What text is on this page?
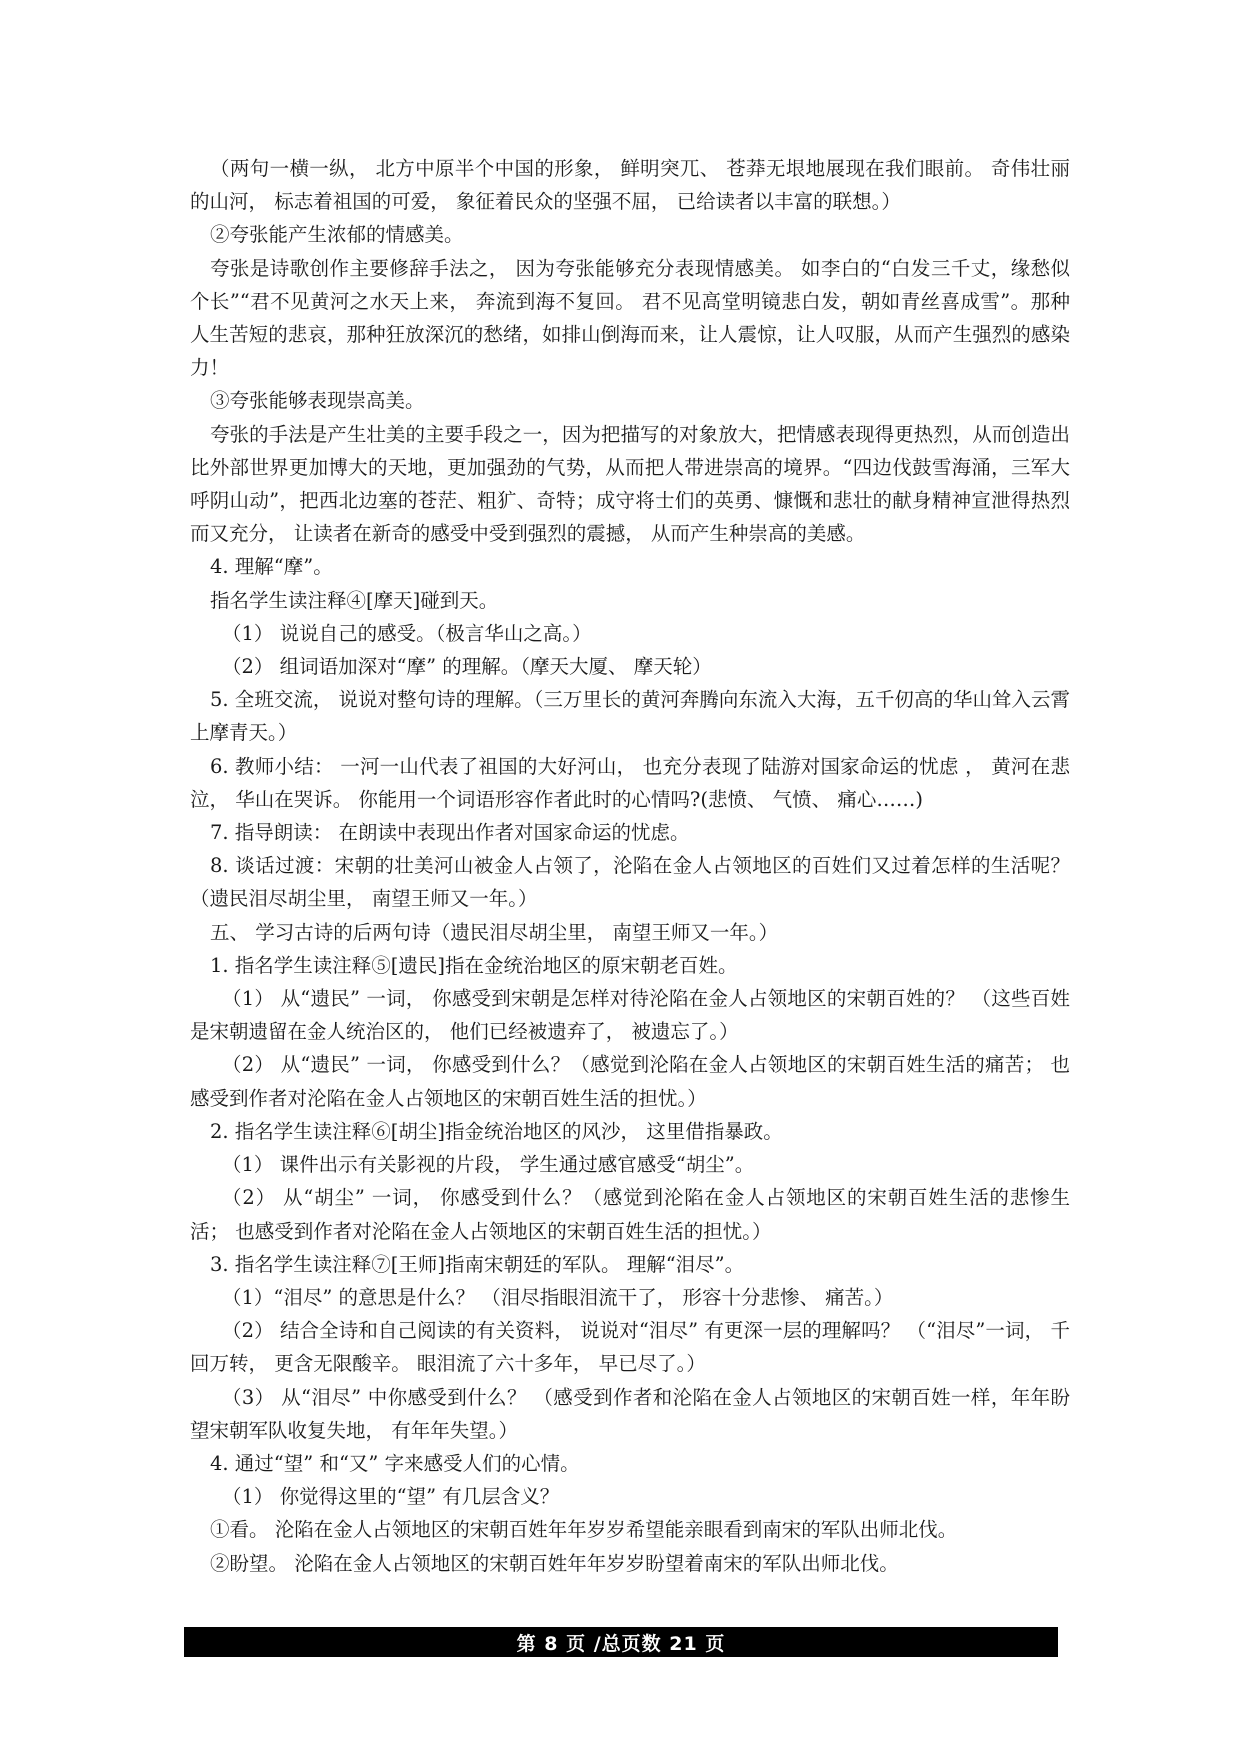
（两句一横一纵， 北方中原半个中国的形象， 鲜明突兀、 苍莽无垠地展现在我们眼前。 奇伟壮丽的山河， 标志着祖国的可爱， 象征着民众的坚强不屈， 已给读者以丰富的联想。）

②夸张能产生浓郁的情感美。

夸张是诗歌创作主要修辞手法之， 因为夸张能够充分表现情感美。 如李白的“白发三千丈，缘愁似个长”“君不见黄河之水天上来， 奔流到海不复回。 君不见高堂明镜悲白发，朝如青丝喜成雪”。那种人生苦短的悲哀，那种狂放深沉的愁绪，如排山倒海而来，让人震惊，让人叹服，从而产生强烈的感染力！

③夸张能够表现崇高美。

夸张的手法是产生壮美的主要手段之一，因为把描写的对象放大，把情感表现得更热烈，从而创造出比外部世界更加博大的天地，更加强劲的气势，从而把人带进崇高的境界。“四边伐鼓雪海涌，三军大呼阴山动”，把西北边塞的苍茫、粗犷、奇特；成守将士们的英勇、慷慨和悲壮的献身精神宣泄得热烈而又充分， 让读者在新奇的感受中受到强烈的震撼， 从而产生种崇高的美感。

4. 理解“摩”。

指名学生读注释④[摩天]碰到天。

（1） 说说自己的感受。（极言华山之高。）

（2） 组词语加深对“摩” 的理解。（摩天大厦、 摩天轮）

5. 全班交流， 说说对整句诗的理解。（三万里长的黄河奔腾向东流入大海，五千仞高的华山耸入云霄上摩青天。）

6. 教师小结： 一河一山代表了祖国的大好河山， 也充分表现了陆游对国家命运的忧虑 ， 黄河在悲泣， 华山在哭诉。 你能用一个词语形容作者此时的心情吗?(悲愤、 气愤、 痛心……)

7. 指导朗读： 在朗读中表现出作者对国家命运的忧虑。

8. 谈话过渡：宋朝的壮美河山被金人占领了，沦陷在金人占领地区的百姓们又过着怎样的生活呢？（遗民泪尽胡尘里， 南望王师又一年。）

五、 学习古诗的后两句诗（遗民泪尽胡尘里， 南望王师又一年。）

1. 指名学生读注释⑤[遗民]指在金统治地区的原宋朝老百姓。

（1） 从“遗民” 一词， 你感受到宋朝是怎样对待沦陷在金人占领地区的宋朝百姓的？ （这些百姓是宋朝遗留在金人统治区的， 他们已经被遗弃了， 被遗忘了。）

（2） 从“遗民” 一词， 你感受到什么？（感觉到沦陷在金人占领地区的宋朝百姓生活的痛苦； 也感受到作者对沦陷在金人占领地区的宋朝百姓生活的担忧。）

2. 指名学生读注释⑥[胡尘]指金统治地区的风沙， 这里借指暴政。

（1） 课件出示有关影视的片段， 学生通过感官感受“胡尘”。

（2） 从“胡尘” 一词， 你感受到什么？（感觉到沦陷在金人占领地区的宋朝百姓生活的悲惨生活； 也感受到作者对沦陷在金人占领地区的宋朝百姓生活的担忧。）

3. 指名学生读注释⑦[王师]指南宋朝廷的军队。 理解“泪尽”。

（1）“泪尽” 的意思是什么？ （泪尽指眼泪流干了， 形容十分悲惨、 痛苦。）

（2） 结合全诗和自己阅读的有关资料， 说说对“泪尽” 有更深一层的理解吗？ （“泪尽”一词， 千回万转， 更含无限酸辛。 眼泪流了六十多年， 早已尽了。）

（3） 从“泪尽” 中你感受到什么？ （感受到作者和沦陷在金人占领地区的宋朝百姓一样，年年盼望宋朝军队收复失地， 有年年失望。）

4. 通过“望” 和“又” 字来感受人们的心情。

（1） 你觉得这里的“望” 有几层含义？

①看。 沦陷在金人占领地区的宋朝百姓年年岁岁希望能亲眼看到南宋的军队出师北伐。

②盼望。 沦陷在金人占领地区的宋朝百姓年年岁岁盼望着南宋的军队出师北伐。

第 8 页 /总页数 21 页
